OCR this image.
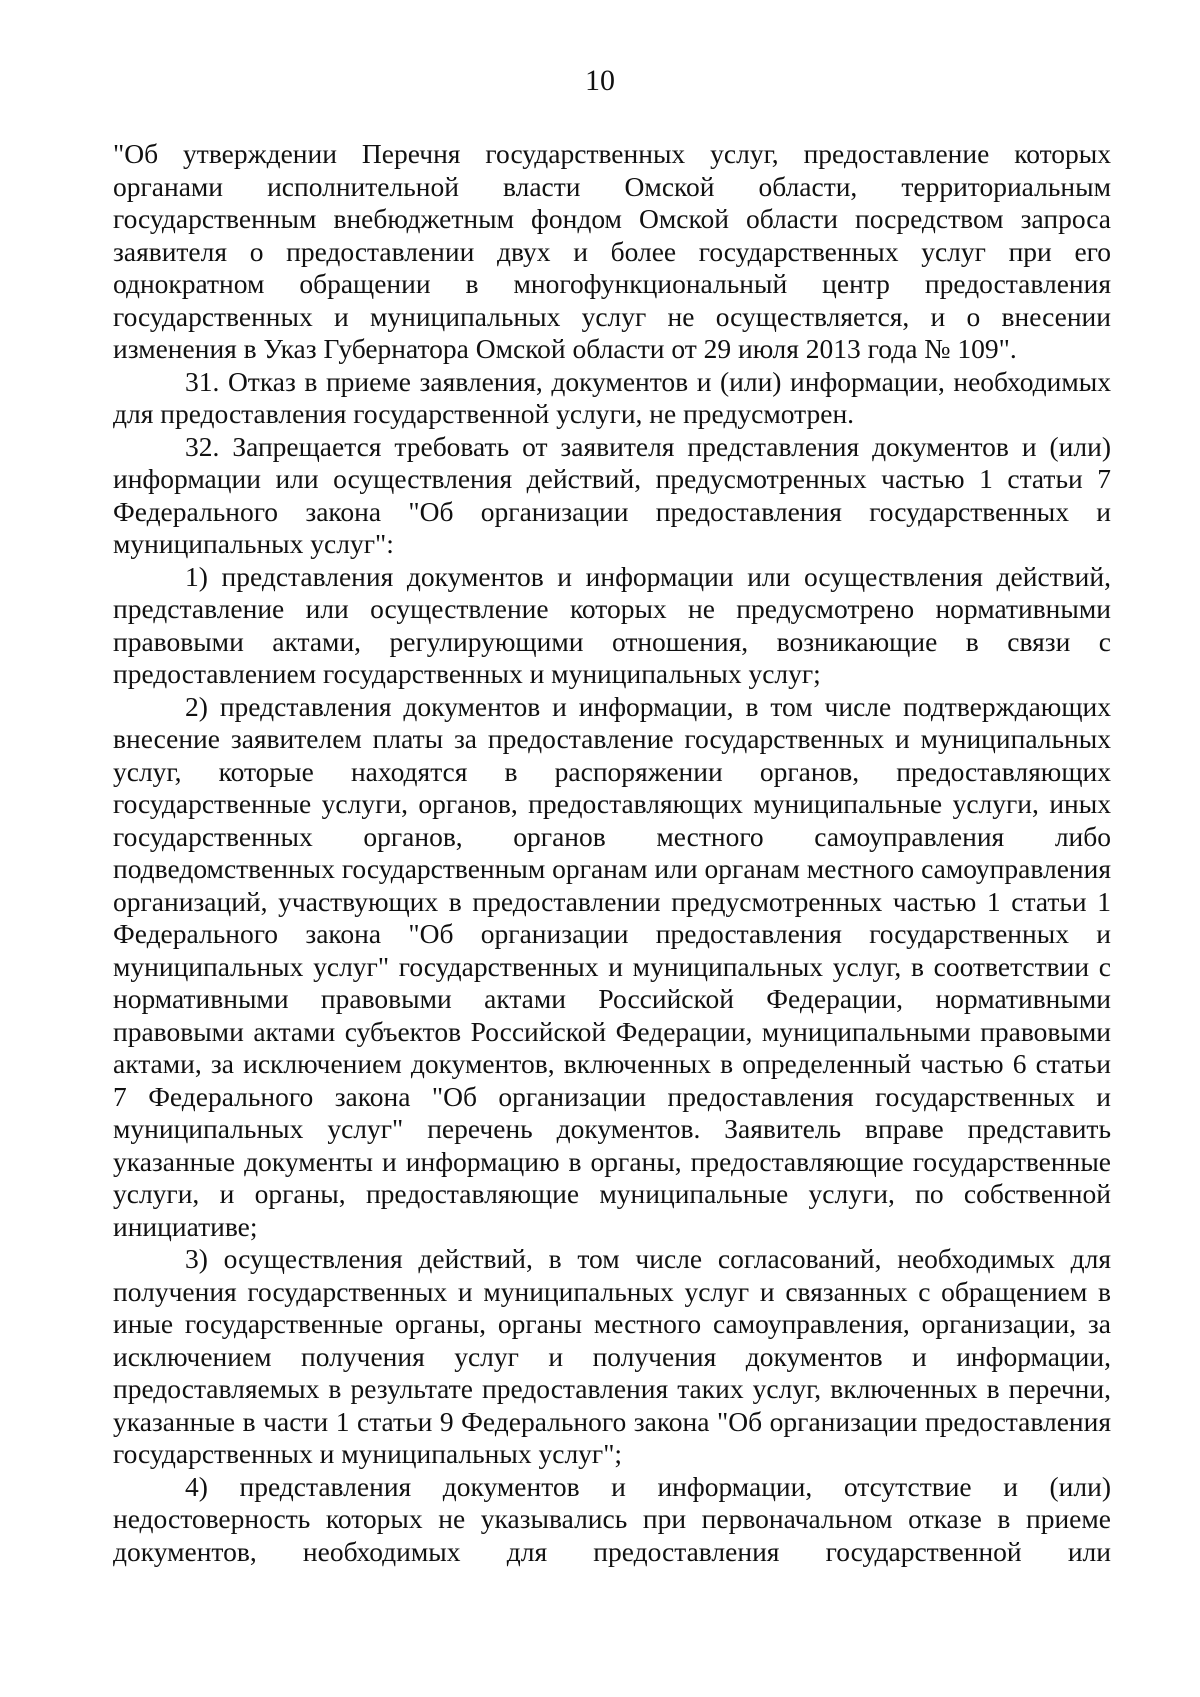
10

"Об утверждении Перечня государственных услуг, предоставление которых органами исполнительной власти Омской области, территориальным государственным внебюджетным фондом Омской области посредством запроса заявителя о предоставлении двух и более государственных услуг при его однократном обращении в многофункциональный центр предоставления государственных и муниципальных услуг не осуществляется, и о внесении изменения в Указ Губернатора Омской области от 29 июля 2013 года № 109".

31. Отказ в приеме заявления, документов и (или) информации, необходимых для предоставления государственной услуги, не предусмотрен.

32. Запрещается требовать от заявителя представления документов и (или) информации или осуществления действий, предусмотренных частью 1 статьи 7 Федерального закона "Об организации предоставления государственных и муниципальных услуг":

1) представления документов и информации или осуществления действий, представление или осуществление которых не предусмотрено нормативными правовыми актами, регулирующими отношения, возникающие в связи с предоставлением государственных и муниципальных услуг;

2) представления документов и информации, в том числе подтверждающих внесение заявителем платы за предоставление государственных и муниципальных услуг, которые находятся в распоряжении органов, предоставляющих государственные услуги, органов, предоставляющих муниципальные услуги, иных государственных органов, органов местного самоуправления либо подведомственных государственным органам или органам местного самоуправления организаций, участвующих в предоставлении предусмотренных частью 1 статьи 1 Федерального закона "Об организации предоставления государственных и муниципальных услуг" государственных и муниципальных услуг, в соответствии с нормативными правовыми актами Российской Федерации, нормативными правовыми актами субъектов Российской Федерации, муниципальными правовыми актами, за исключением документов, включенных в определенный частью 6 статьи 7 Федерального закона "Об организации предоставления государственных и муниципальных услуг" перечень документов. Заявитель вправе представить указанные документы и информацию в органы, предоставляющие государственные услуги, и органы, предоставляющие муниципальные услуги, по собственной инициативе;

3) осуществления действий, в том числе согласований, необходимых для получения государственных и муниципальных услуг и связанных с обращением в иные государственные органы, органы местного самоуправления, организации, за исключением получения услуг и получения документов и информации, предоставляемых в результате предоставления таких услуг, включенных в перечни, указанные в части 1 статьи 9 Федерального закона "Об организации предоставления государственных и муниципальных услуг";

4) представления документов и информации, отсутствие и (или) недостоверность которых не указывались при первоначальном отказе в приеме документов, необходимых для предоставления государственной или
